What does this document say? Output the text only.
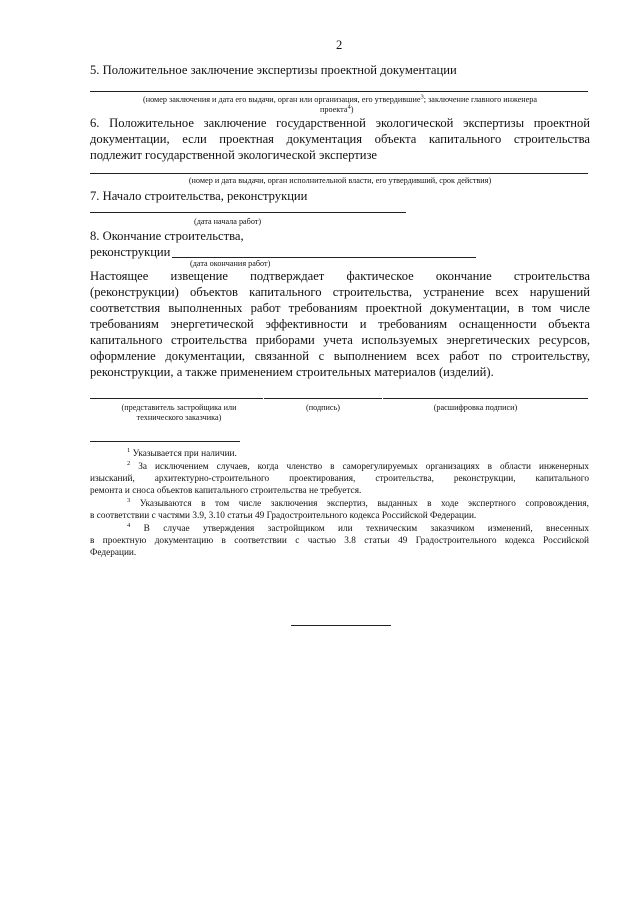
2
5. Положительное заключение экспертизы проектной документации
(номер заключения и дата его выдачи, орган или организация, его утвердившие$^3$; заключение главного инженера
проекта$^4$)
6. Положительное заключение государственной экологической экспертизы проектной
документации, если проектная документация объекта капитального строительства
подлежит государственной экологической экспертизе
(номер и дата выдачи, орган исполнительной власти, его утвердивший, срок действия)
7. Начало строительства, реконструкции
(дата начала работ)
8. Окончание строительства,
реконструкции
(дата окончания работ)
Настоящее извещение подтверждает фактическое окончание строительства
(реконструкции) объектов капитального строительства, устранение всех нарушений
соответствия выполненных работ требованиям проектной документации, в том числе
требованиям энергетической эффективности и требованиям оснащенности объекта
капитального строительства приборами учета используемых энергетических ресурсов,
оформление документации, связанной с выполнением всех работ по строительству,
реконструкции, а также применением строительных материалов (изделий).
(представитель застройщика или
технического заказчика)
(подпись)	(расшифровка подписи)
$^1$ Указывается при наличии.
$^2$ За исключением случаев, когда членство в саморегулируемых организациях в области инженерных
изысканий, архитектурно-строительного проектирования, строительства, реконструкции, капитального
ремонта и сноса объектов капитального строительства не требуется.
$^3$ Указываются в том числе заключения экспертиз, выданных в ходе экспертного сопровождения,
в соответствии с частями 3.9, 3.10 статьи 49 Градостроительного кодекса Российской Федерации.
$^4$ В случае утверждения застройщиком или техническим заказчиком изменений, внесенных
в проектную документацию в соответствии с частью 3.8 статьи 49 Градостроительного кодекса Российской
Федерации.
